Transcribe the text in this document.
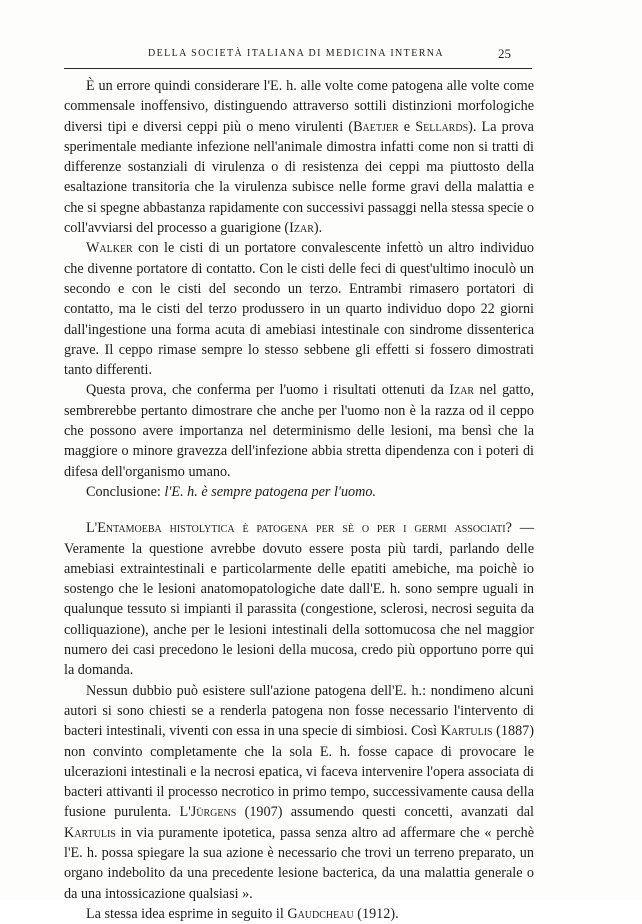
DELLA SOCIETÀ ITALIANA DI MEDICINA INTERNA	25

È un errore quindi considerare l'E. h. alle volte come patogena alle volte come commensale inoffensivo, distinguendo attraverso sottili distinzioni morfologiche diversi tipi e diversi ceppi più o meno virulenti (Baetjer e Sellards). La prova sperimentale mediante infezione nell'animale dimostra infatti come non si tratti di differenze sostanziali di virulenza o di resistenza dei ceppi ma piuttosto della esaltazione transitoria che la virulenza subisce nelle forme gravi della malattia e che si spegne abbastanza rapidamente con successivi passaggi nella stessa specie o coll'avviarsi del processo a guarigione (Izar).

Walker con le cisti di un portatore convalescente infettò un altro individuo che divenne portatore di contatto. Con le cisti delle feci di quest'ultimo inoculò un secondo e con le cisti del secondo un terzo. Entrambi rimasero portatori di contatto, ma le cisti del terzo produssero in un quarto individuo dopo 22 giorni dall'ingestione una forma acuta di amebiasi intestinale con sindrome dissenterica grave. Il ceppo rimase sempre lo stesso sebbene gli effetti si fossero dimostrati tanto differenti.

Questa prova, che conferma per l'uomo i risultati ottenuti da Izar nel gatto, sembrerebbe pertanto dimostrare che anche per l'uomo non è la razza od il ceppo che possono avere importanza nel determinismo delle lesioni, ma bensì che la maggiore o minore gravezza dell'infezione abbia stretta dipendenza con i poteri di difesa dell'organismo umano.

Conclusione: l'E. h. è sempre patogena per l'uomo.

L'Entamoeba histolytica è patogena per sè o per i germi associati? — Veramente la questione avrebbe dovuto essere posta più tardi, parlando delle amebiasi extraintestinali e particolarmente delle epatiti amebiche, ma poichè io sostengo che le lesioni anatomopatologiche date dall'E. h. sono sempre uguali in qualunque tessuto si impianti il parassita (congestione, sclerosi, necrosi seguita da colliquazione), anche per le lesioni intestinali della sottomucosa che nel maggior numero dei casi precedono le lesioni della mucosa, credo più opportuno porre qui la domanda.

Nessun dubbio può esistere sull'azione patogena dell'E. h.: nondimeno alcuni autori si sono chiesti se a renderla patogena non fosse necessario l'intervento di bacteri intestinali, viventi con essa in una specie di simbiosi. Così Kartulis (1887) non convinto completamente che la sola E. h. fosse capace di provocare le ulcerazioni intestinali e la necrosi epatica, vi faceva intervenire l'opera associata di bacteri attivanti il processo necrotico in primo tempo, successivamente causa della fusione purulenta. L'Jürgens (1907) assumendo questi concetti, avanzati dal Kartulis in via puramente ipotetica, passa senza altro ad affermare che « perchè l'E. h. possa spiegare la sua azione è necessario che trovi un terreno preparato, un organo indebolito da una precedente lesione bacterica, da una malattia generale o da una intossicazione qualsiasi ».

La stessa idea esprime in seguito il Gaudcheau (1912).
